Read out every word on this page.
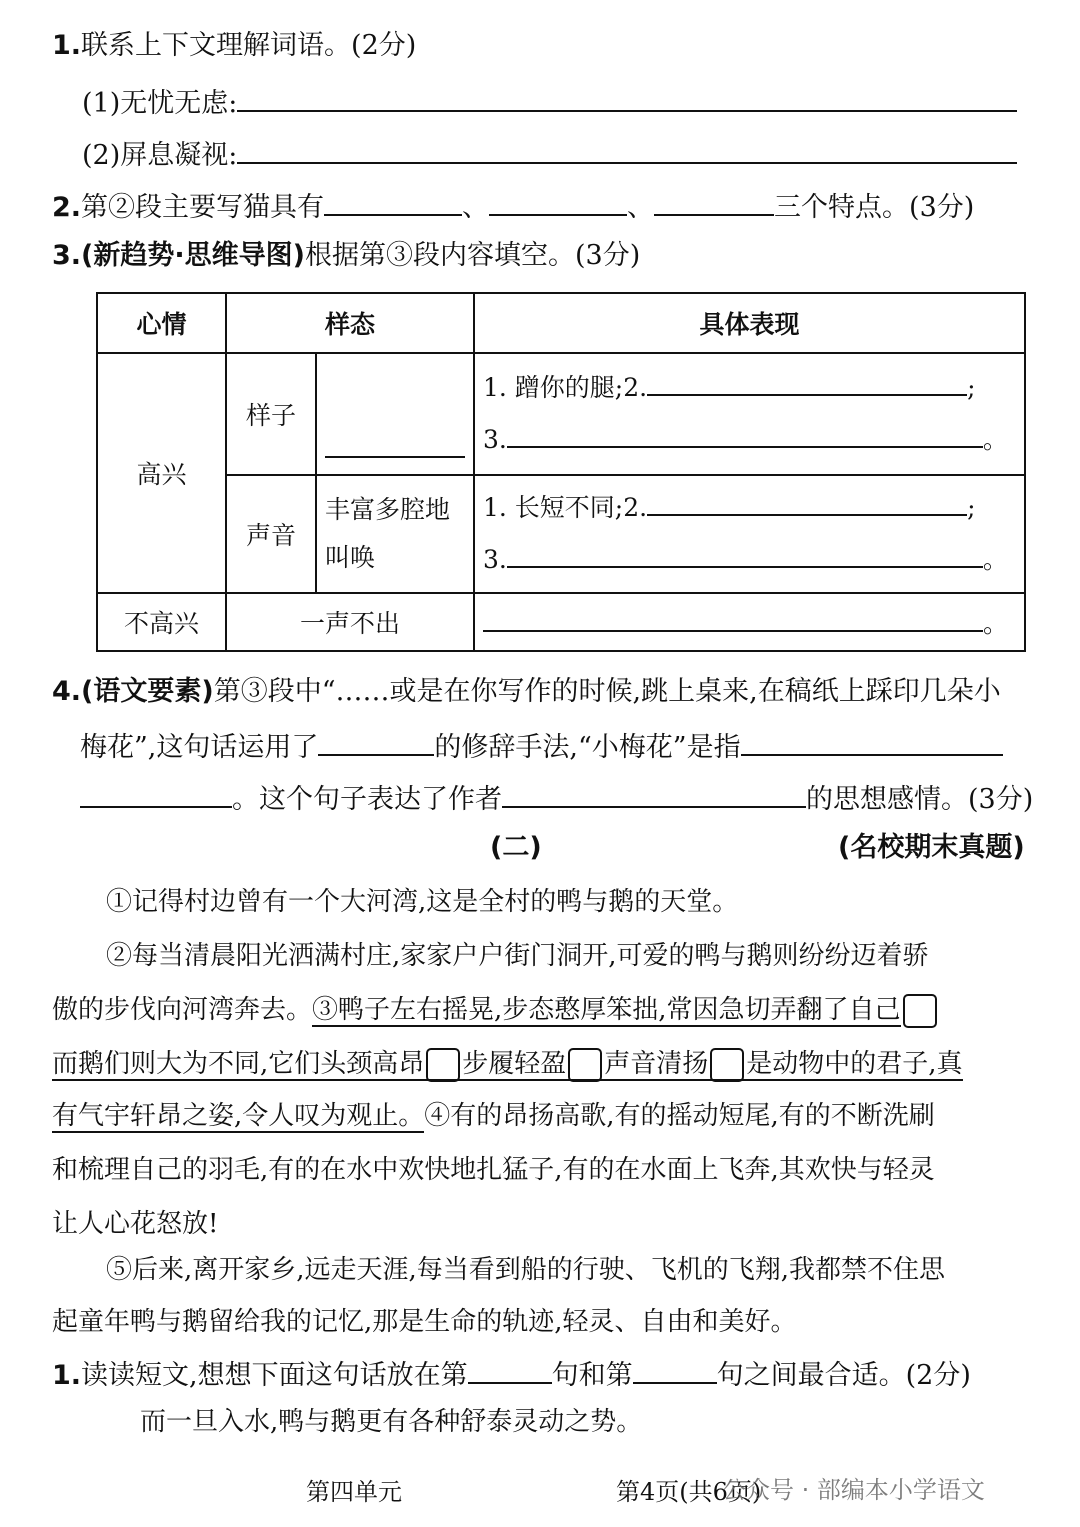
1.联系上下文理解词语。(2分)
(1)无忧无虑:
(2)屏息凝视:
2.第②段主要写猫具有	、	、	三个特点。(3分)
3.(新趋势·思维导图)根据第③段内容填空。(3分)
心情	样态		具体表现
高兴	样子		1. 蹭你的腿;2. ;
3. 。

	声音	丰富多腔地叫唤	1. 长短不同;2. ;
3. 。

不高兴	一声不出		。
4.(语文要素)第③段中“……或是在你写作的时候,跳上桌来,在稿纸上踩印几朵小
梅花”,这句话运用了	的修辞手法,“小梅花”是指
。这个句子表达了作者	的思想感情。(3分)
(二)	(名校期末真题)
①记得村边曾有一个大河湾,这是全村的鸭与鹅的天堂。
②每当清晨阳光洒满村庄,家家户户街门洞开,可爱的鸭与鹅则纷纷迈着骄
傲的步伐向河湾奔去。③鸭子左右摇晃,步态憨厚笨拙,常因急切弄翻了自己
而鹅们则大为不同,它们头颈高昂 步履轻盈 声音清扬 是动物中的君子,真
有气宇轩昂之姿,令人叹为观止。④有的昂扬高歌,有的摇动短尾,有的不断洗刷
和梳理自己的羽毛,有的在水中欢快地扎猛子,有的在水面上飞奔,其欢快与轻灵
让人心花怒放!
⑤后来,离开家乡,远走天涯,每当看到船的行驶、飞机的飞翔,我都禁不住思
起童年鸭与鹅留给我的记忆,那是生命的轨迹,轻灵、自由和美好。
1.读读短文,想想下面这句话放在第	句和第	句之间最合适。(2分)
而一旦入水,鸭与鹅更有各种舒泰灵动之势。
第四单元	第4页(共6页)
公众号 · 部编本小学语文
